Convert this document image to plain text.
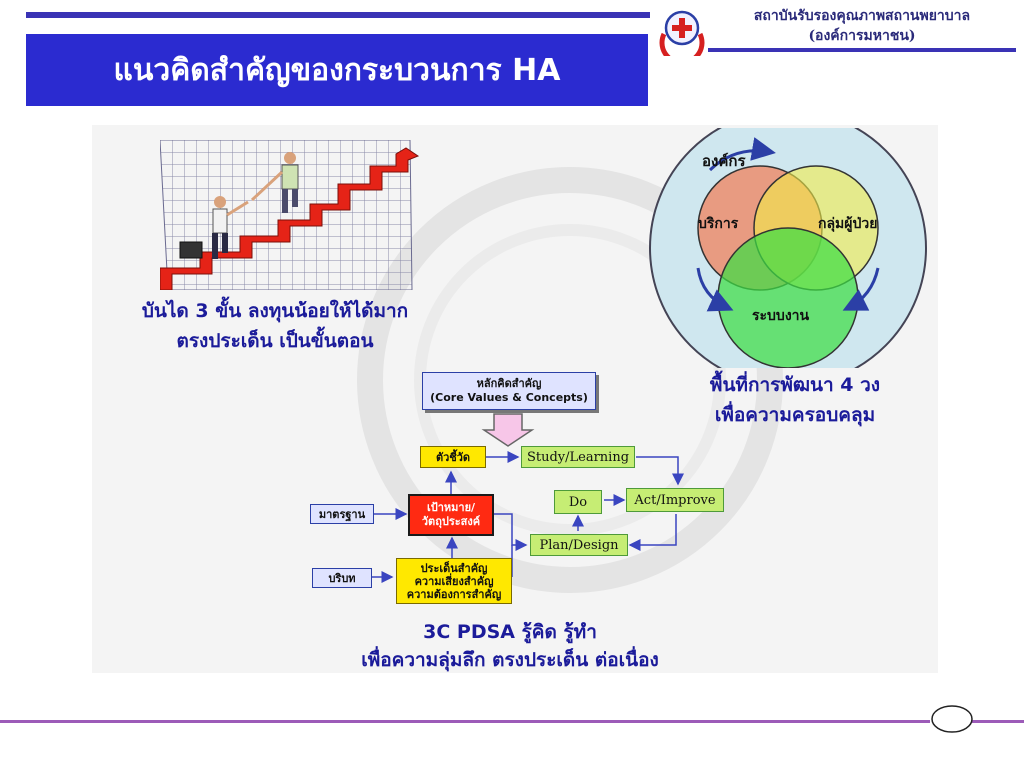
แนวคิดสำคัญของกระบวนการ HA
สถาบันรับรองคุณภาพสถานพยาบาล
(องค์การมหาชน)
บันได 3 ขั้น ลงทุนน้อยให้ได้มาก
ตรงประเด็น เป็นขั้นตอน
องค์กร
บริการ	กลุ่มผู้ป่วย
ระบบงาน
พื้นที่การพัฒนา 4 วง
เพื่อความครอบคลุม
หลักคิดสำคัญ
(Core Values & Concepts)
ตัวชี้วัด	Study/Learning
Do	Act/Improve
มาตรฐาน
เป้าหมาย/
วัตถุประสงค์
Plan/Design
บริบท
ประเด็นสำคัญ
ความเสี่ยงสำคัญ
ความต้องการสำคัญ
3C PDSA รู้คิด รู้ทำ
เพื่อความลุ่มลึก ตรงประเด็น ต่อเนื่อง
